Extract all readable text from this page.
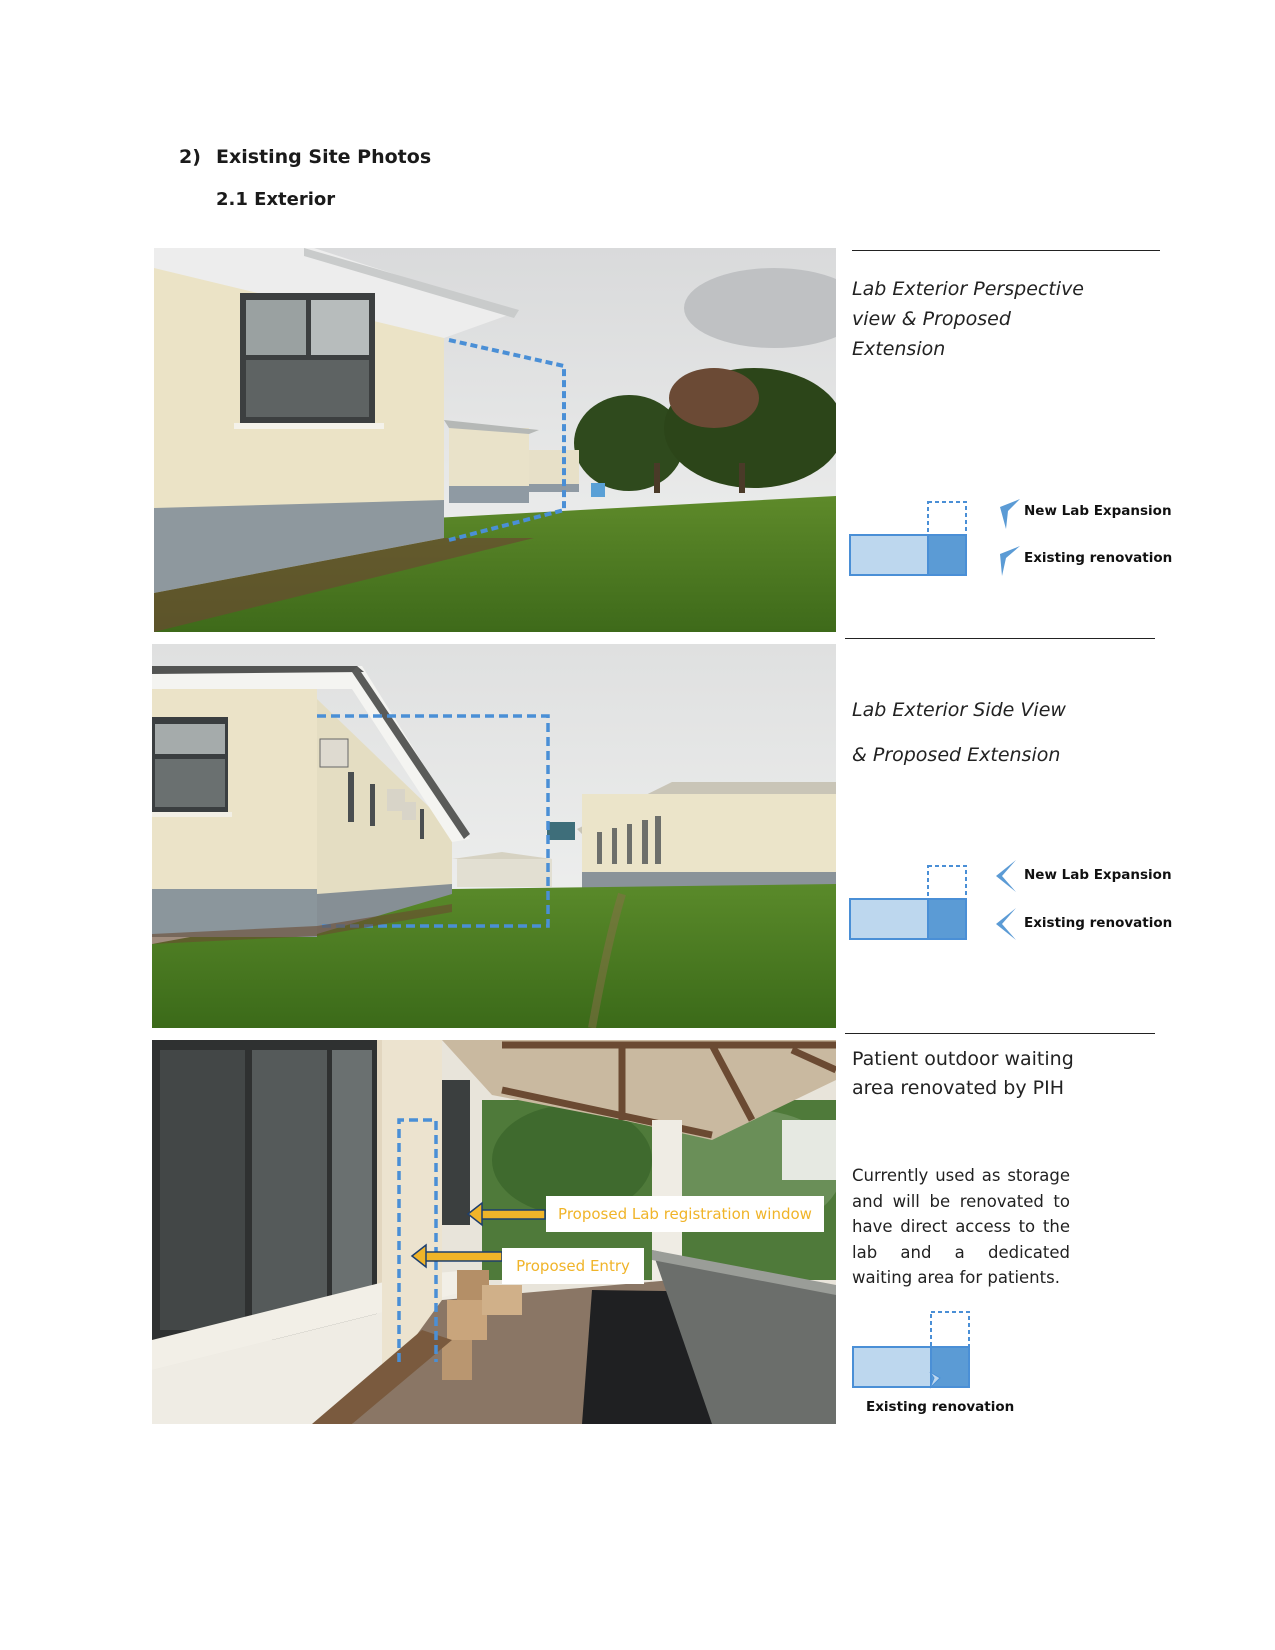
2) Existing Site Photos
2.1 Exterior
Lab Exterior Perspective
view & Proposed
Extension
New Lab Expansion
Existing renovation
Lab Exterior Side View
& Proposed Extension
New Lab Expansion
Existing renovation
Proposed Lab registration window
Proposed Entry
Patient outdoor waiting
area renovated by PIH
Currently used as storage and will be renovated to have direct access to the lab and a dedicated waiting area for patients.
Existing renovation
